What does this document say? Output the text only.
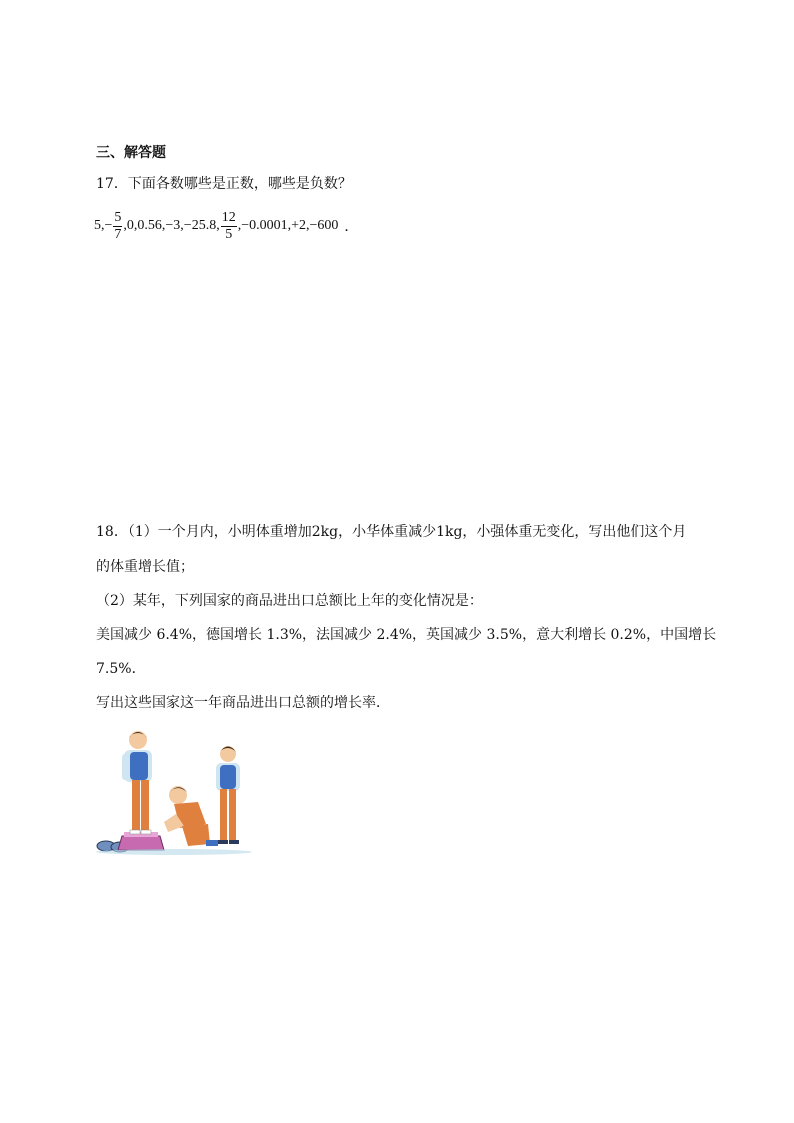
三、解答题
17．下面各数哪些是正数，哪些是负数？
$5,- \frac{5}{7} ,0,0.56,-3,-25.8$, $\frac{12}{5} ,-0.0001,+2,-600$ ．
18．（1）一个月内，小明体重增加2kg，小华体重减少1kg，小强体重无变化，写出他们这个月
的体重增长值；
（2）某年，下列国家的商品进出口总额比上年的变化情况是：
美国减少 6.4%，德国增长 1.3%，法国减少 2.4%，英国减少 3.5%，意大利增长 0.2%，中国增长
7.5%．
写出这些国家这一年商品进出口总额的增长率．
